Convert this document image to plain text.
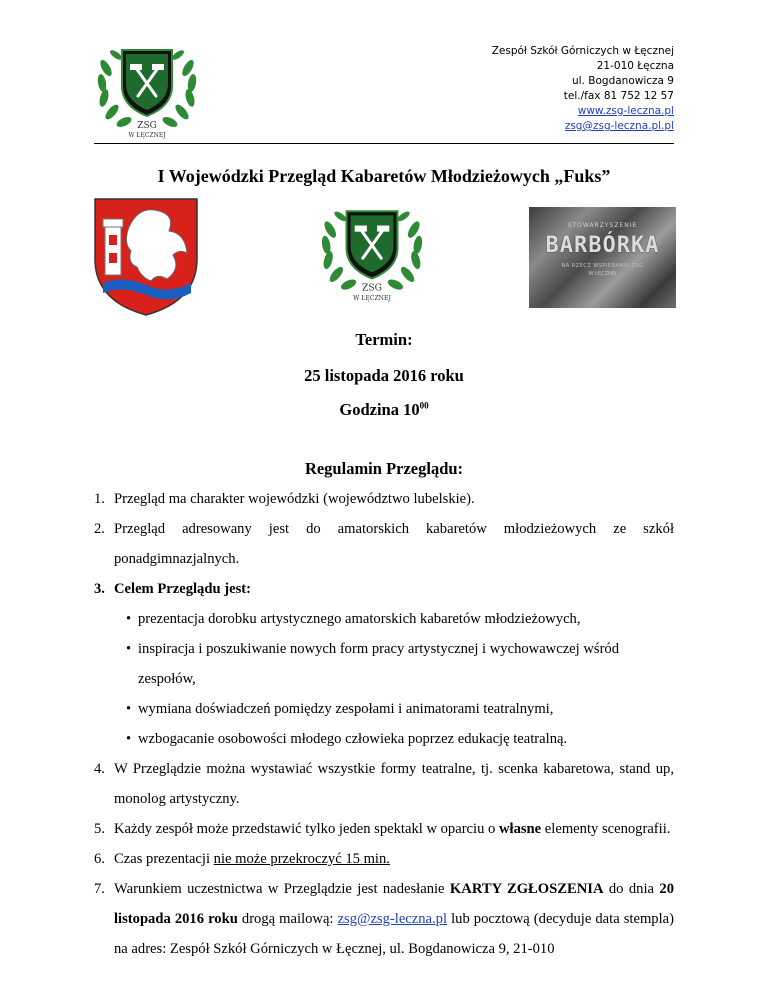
ZSG
W ŁĘCZNEJ
Zespół Szkół Górniczych w Łęcznej
21-010 Łęczna
ul. Bogdanowicza 9
tel./fax 81 752 12 57
www.zsg-leczna.pl
zsg@zsg-leczna.pl.pl
I Wojewódzki Przegląd Kabaretów Młodzieżowych „Fuks”
ZSG
W ŁĘCZNEJ
STOWARZYSZENIE
BARBÓRKA
NA RZECZ WSPIERANIA ZSG
W ŁĘCZNEJ
Termin:
25 listopada 2016 roku
Godzina $10^{00}$
Regulamin Przeglądu:
1. Przegląd ma charakter wojewódzki (województwo lubelskie).
2. Przegląd adresowany jest do amatorskich kabaretów młodzieżowych ze szkół ponadgimnazjalnych.
3. Celem Przeglądu jest:
• prezentacja dorobku artystycznego amatorskich kabaretów młodzieżowych,
• inspiracja i poszukiwanie nowych form pracy artystycznej i wychowawczej wśród zespołów,
• wymiana doświadczeń pomiędzy zespołami i animatorami teatralnymi,
• wzbogacanie osobowości młodego człowieka poprzez edukację teatralną.
4. W Przeglądzie można wystawiać wszystkie formy teatralne, tj. scenka kabaretowa, stand up, monolog artystyczny.
5. Każdy zespół może przedstawić tylko jeden spektakl w oparciu o własne elementy scenografii.
6. Czas prezentacji nie może przekroczyć 15 min.
7. Warunkiem uczestnictwa w Przeglądzie jest nadesłanie KARTY ZGŁOSZENIA do dnia 20 listopada 2016 roku drogą mailową: zsg@zsg-leczna.pl lub pocztową (decyduje data stempla) na adres: Zespół Szkół Górniczych w Łęcznej, ul. Bogdanowicza 9, 21-010
